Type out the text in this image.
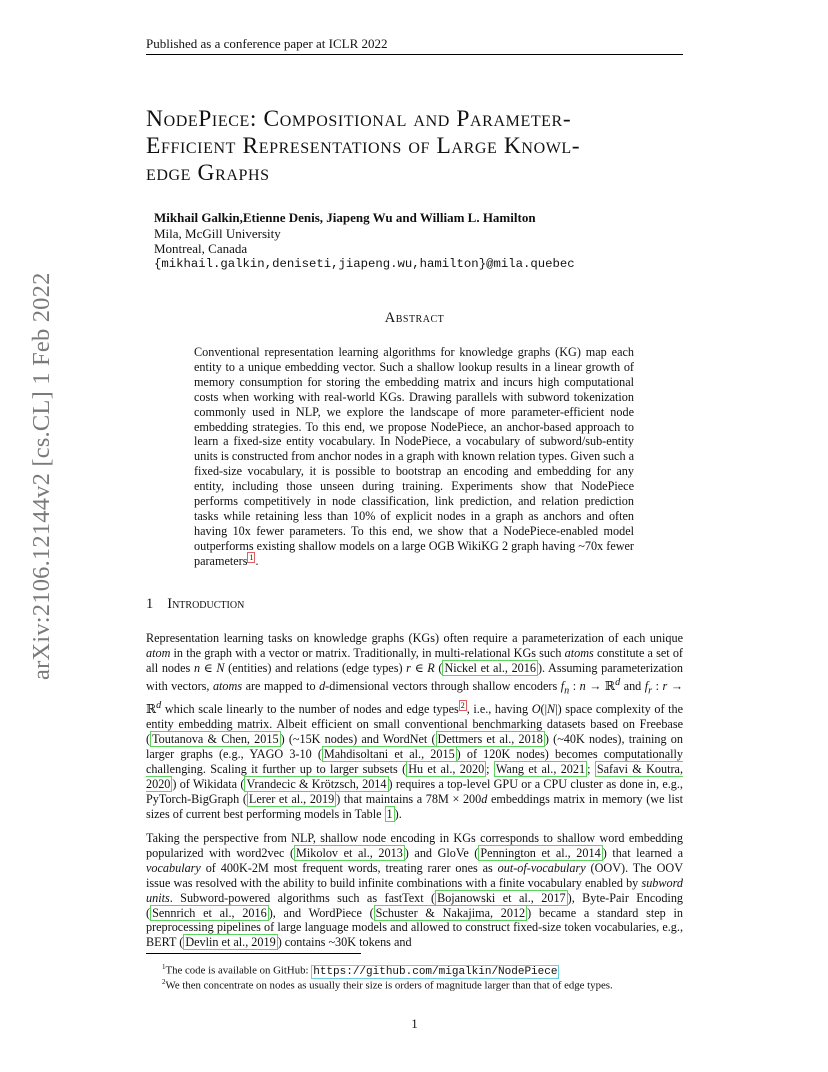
Published as a conference paper at ICLR 2022
NodePiece: Compositional and Parameter-
Efficient Representations of Large Knowl-
edge Graphs
Mikhail Galkin,Etienne Denis, Jiapeng Wu and William L. Hamilton
Mila, McGill University
Montreal, Canada
{mikhail.galkin,deniseti,jiapeng.wu,hamilton}@mila.quebec
Abstract
Conventional representation learning algorithms for knowledge graphs (KG) map each entity to a unique embedding vector. Such a shallow lookup results in a linear growth of memory consumption for storing the embedding matrix and incurs high computational costs when working with real-world KGs. Drawing parallels with subword tokenization commonly used in NLP, we explore the landscape of more parameter-efficient node embedding strategies. To this end, we propose NodePiece, an anchor-based approach to learn a fixed-size entity vocabulary. In NodePiece, a vocabulary of subword/sub-entity units is constructed from anchor nodes in a graph with known relation types. Given such a fixed-size vocabulary, it is possible to bootstrap an encoding and embedding for any entity, including those unseen during training. Experiments show that NodePiece performs competitively in node classification, link prediction, and relation prediction tasks while retaining less than 10% of explicit nodes in a graph as anchors and often having 10x fewer parameters. To this end, we show that a NodePiece-enabled model outperforms existing shallow models on a large OGB WikiKG 2 graph having ~70x fewer parameters $^1$ .
1 Introduction
Representation learning tasks on knowledge graphs (KGs) often require a parameterization of each unique atom in the graph with a vector or matrix. Traditionally, in multi-relational KGs such atoms constitute a set of all nodes n ∈ N (entities) and relations (edge types) r ∈ R ( Nickel et al., 2016 ). Assuming parameterization with vectors, atoms are mapped to d-dimensional vectors through shallow encoders $f_n$ : n → ℝ$^d$ and $f_r$ : r → ℝ$^d$ which scale linearly to the number of nodes and edge types $^2$ , i.e., having O(|N|) space complexity of the entity embedding matrix. Albeit efficient on small conventional benchmarking datasets based on Freebase ( Toutanova & Chen, 2015 ) (~15K nodes) and WordNet ( Dettmers et al., 2018 ) (~40K nodes), training on larger graphs (e.g., YAGO 3-10 ( Mahdisoltani et al., 2015 ) of 120K nodes) becomes computationally challenging. Scaling it further up to larger subsets ( Hu et al., 2020 ; Wang et al., 2021 ; Safavi & Koutra, 2020 ) of Wikidata ( Vrandecic & Krötzsch, 2014 ) requires a top-level GPU or a CPU cluster as done in, e.g., PyTorch-BigGraph ( Lerer et al., 2019 ) that maintains a 78M × 200d embeddings matrix in memory (we list sizes of current best performing models in Table 1 ).
Taking the perspective from NLP, shallow node encoding in KGs corresponds to shallow word embedding popularized with word2vec ( Mikolov et al., 2013 ) and GloVe ( Pennington et al., 2014 ) that learned a vocabulary of 400K-2M most frequent words, treating rarer ones as out-of-vocabulary (OOV). The OOV issue was resolved with the ability to build infinite combinations with a finite vocabulary enabled by subword units. Subword-powered algorithms such as fastText ( Bojanowski et al., 2017 ), Byte-Pair Encoding ( Sennrich et al., 2016 ), and WordPiece ( Schuster & Nakajima, 2012 ) became a standard step in preprocessing pipelines of large language models and allowed to construct fixed-size token vocabularies, e.g., BERT ( Devlin et al., 2019 ) contains ~30K tokens and
$^1$The code is available on GitHub: https://github.com/migalkin/NodePiece
$^2$We then concentrate on nodes as usually their size is orders of magnitude larger than that of edge types.
1
arXiv:2106.12144v2 [cs.CL] 1 Feb 2022
